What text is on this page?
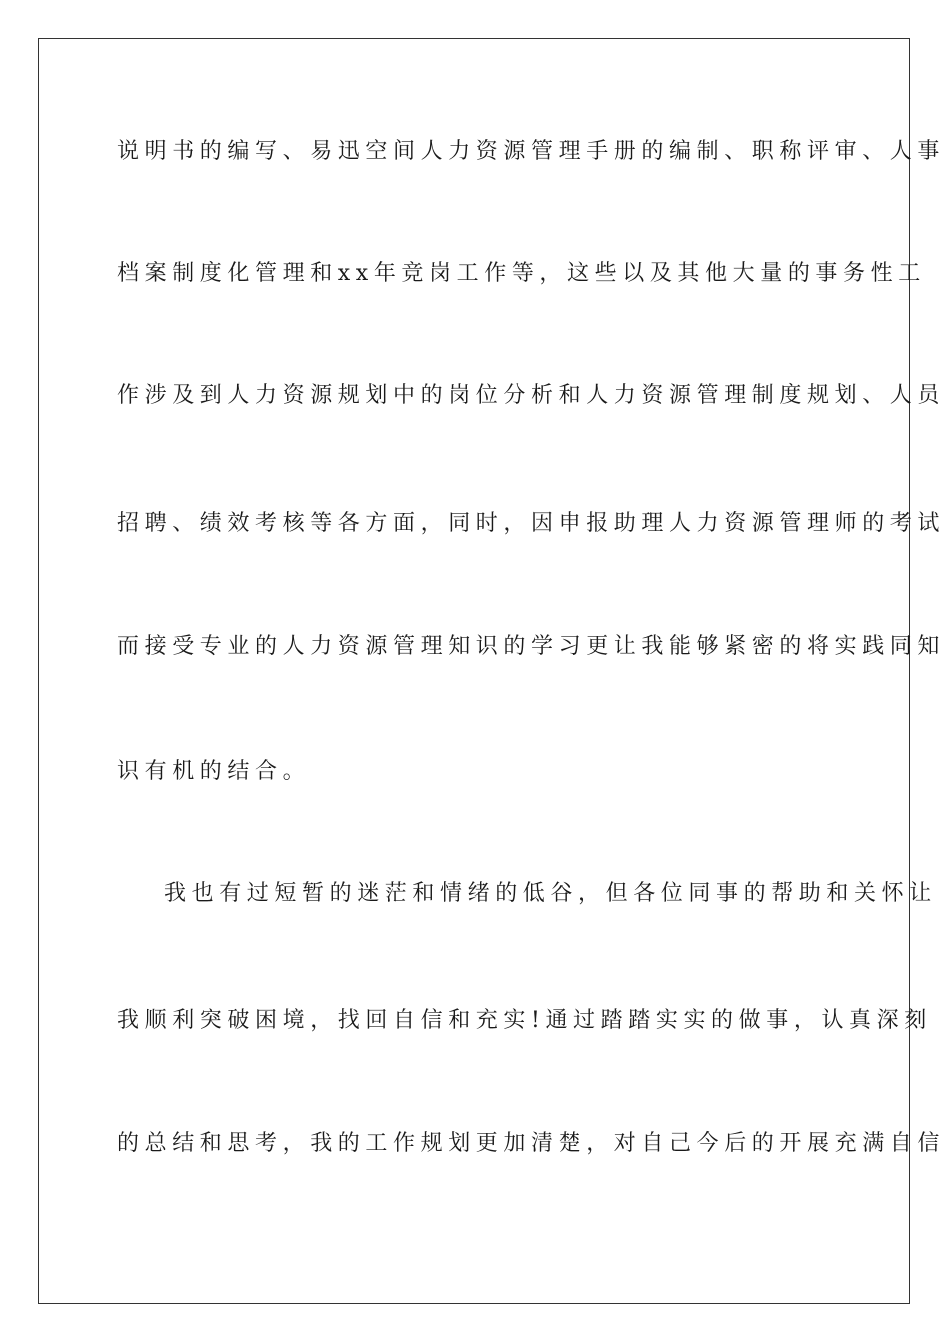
说明书的编写、易迅空间人力资源管理手册的编制、职称评审、人事
档案制度化管理和xx年竞岗工作等，这些以及其他大量的事务性工
作涉及到人力资源规划中的岗位分析和人力资源管理制度规划、人员
招聘、绩效考核等各方面，同时，因申报助理人力资源管理师的考试
而接受专业的人力资源管理知识的学习更让我能够紧密的将实践同知
识有机的结合。
我也有过短暂的迷茫和情绪的低谷，但各位同事的帮助和关怀让
我顺利突破困境，找回自信和充实!通过踏踏实实的做事，认真深刻
的总结和思考，我的工作规划更加清楚，对自己今后的开展充满自信
